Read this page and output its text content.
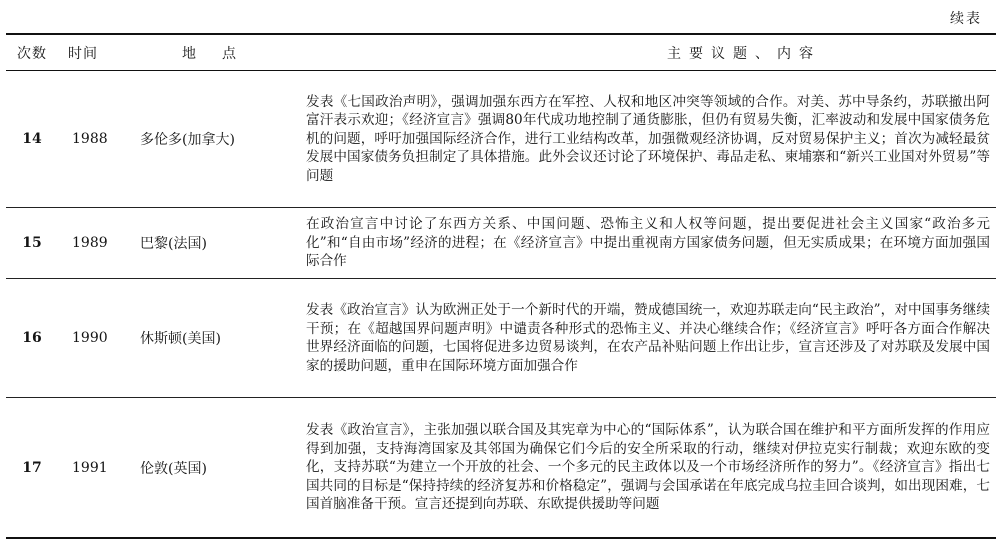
续表
次数	时间	地点	主要议题、内容
14	1988	多伦多(加拿大)	发表《七国政治声明》，强调加强东西方在军控、人权和地区冲突等领域的合作。对美、苏中导条约，苏联撤出阿富汗表示欢迎；《经济宣言》强调80年代成功地控制了通货膨胀，但仍有贸易失衡，汇率波动和发展中国家债务危机的问题，呼吁加强国际经济合作，进行工业结构改革，加强微观经济协调，反对贸易保护主义；首次为减轻最贫发展中国家债务负担制定了具体措施。此外会议还讨论了环境保护、毒品走私、柬埔寨和“新兴工业国对外贸易”等问题
15	1989	巴黎(法国)	在政治宣言中讨论了东西方关系、中国问题、恐怖主义和人权等问题，提出要促进社会主义国家“政治多元化”和“自由市场”经济的进程；在《经济宣言》中提出重视南方国家债务问题，但无实质成果；在环境方面加强国际合作
16	1990	休斯顿(美国)	发表《政治宣言》认为欧洲正处于一个新时代的开端，赞成德国统一，欢迎苏联走向“民主政治”，对中国事务继续干预；在《超越国界问题声明》中谴责各种形式的恐怖主义、并决心继续合作；《经济宣言》呼吁各方面合作解决世界经济面临的问题，七国将促进多边贸易谈判，在农产品补贴问题上作出让步，宣言还涉及了对苏联及发展中国家的援助问题，重申在国际环境方面加强合作
17	1991	伦敦(英国)	发表《政治宣言》，主张加强以联合国及其宪章为中心的“国际体系”，认为联合国在维护和平方面所发挥的作用应得到加强，支持海湾国家及其邻国为确保它们今后的安全所采取的行动，继续对伊拉克实行制裁；欢迎东欧的变化，支持苏联“为建立一个开放的社会、一个多元的民主政体以及一个市场经济所作的努力”。《经济宣言》指出七国共同的目标是“保持持续的经济复苏和价格稳定”，强调与会国承诺在年底完成乌拉圭回合谈判，如出现困难，七国首脑准备干预。宣言还提到向苏联、东欧提供援助等问题
